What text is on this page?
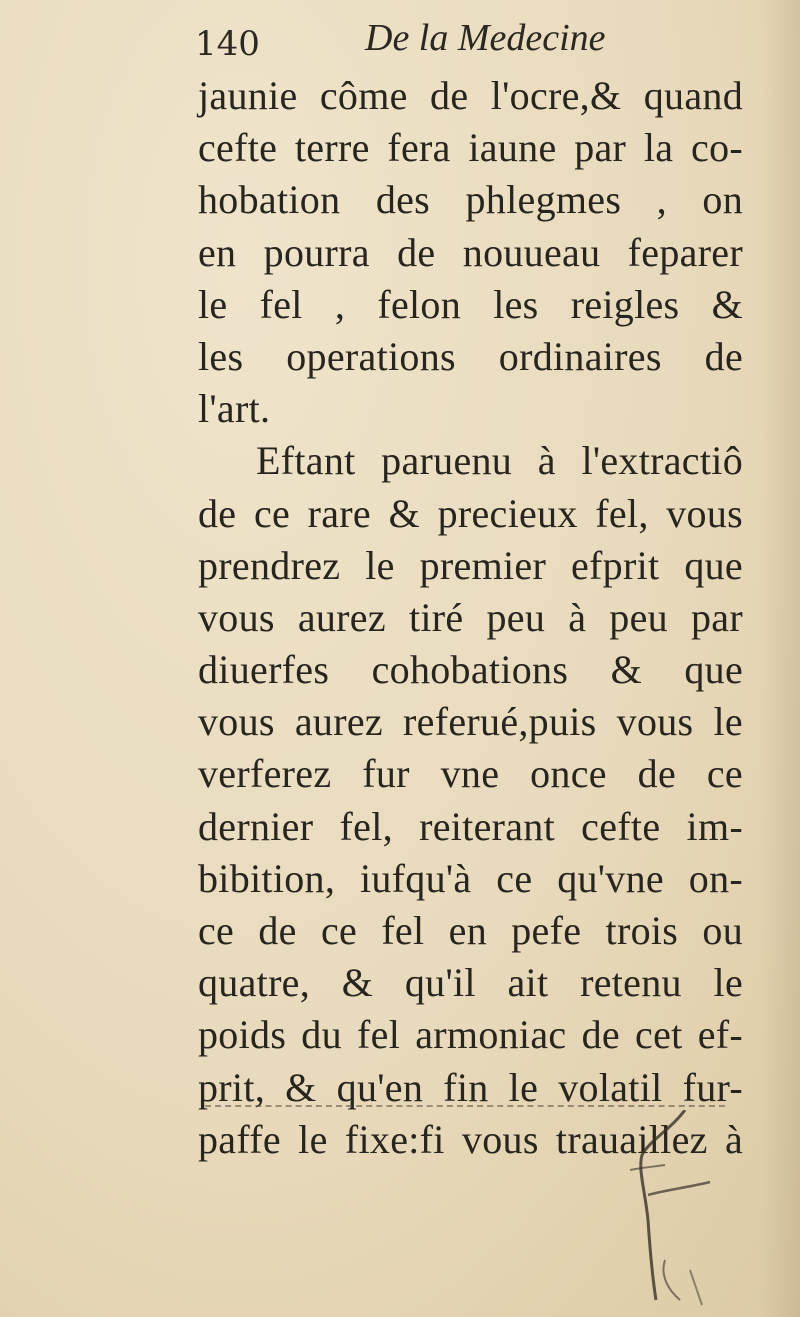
140	De la Medecine
jaunie côme de l'ocre,& quand
cefte terre fera iaune par la co-
hobation des phlegmes , on
en pourra de nouueau feparer
le fel , felon les reigles &
les operations ordinaires de
l'art.
Eftant paruenu à l'extractiô
de ce rare & precieux fel, vous
prendrez le premier efprit que
vous aurez tiré peu à peu par
diuerfes cohobations & que
vous aurez referué,puis vous le
verferez fur vne once de ce
dernier fel, reiterant cefte im-
bibition, iufqu'à ce qu'vne on-
ce de ce fel en pefe trois ou
quatre, & qu'il ait retenu le
poids du fel armoniac de cet ef-
prit, & qu'en fin le volatil fur-
paffe le fixe:fi vous trauaillez à
